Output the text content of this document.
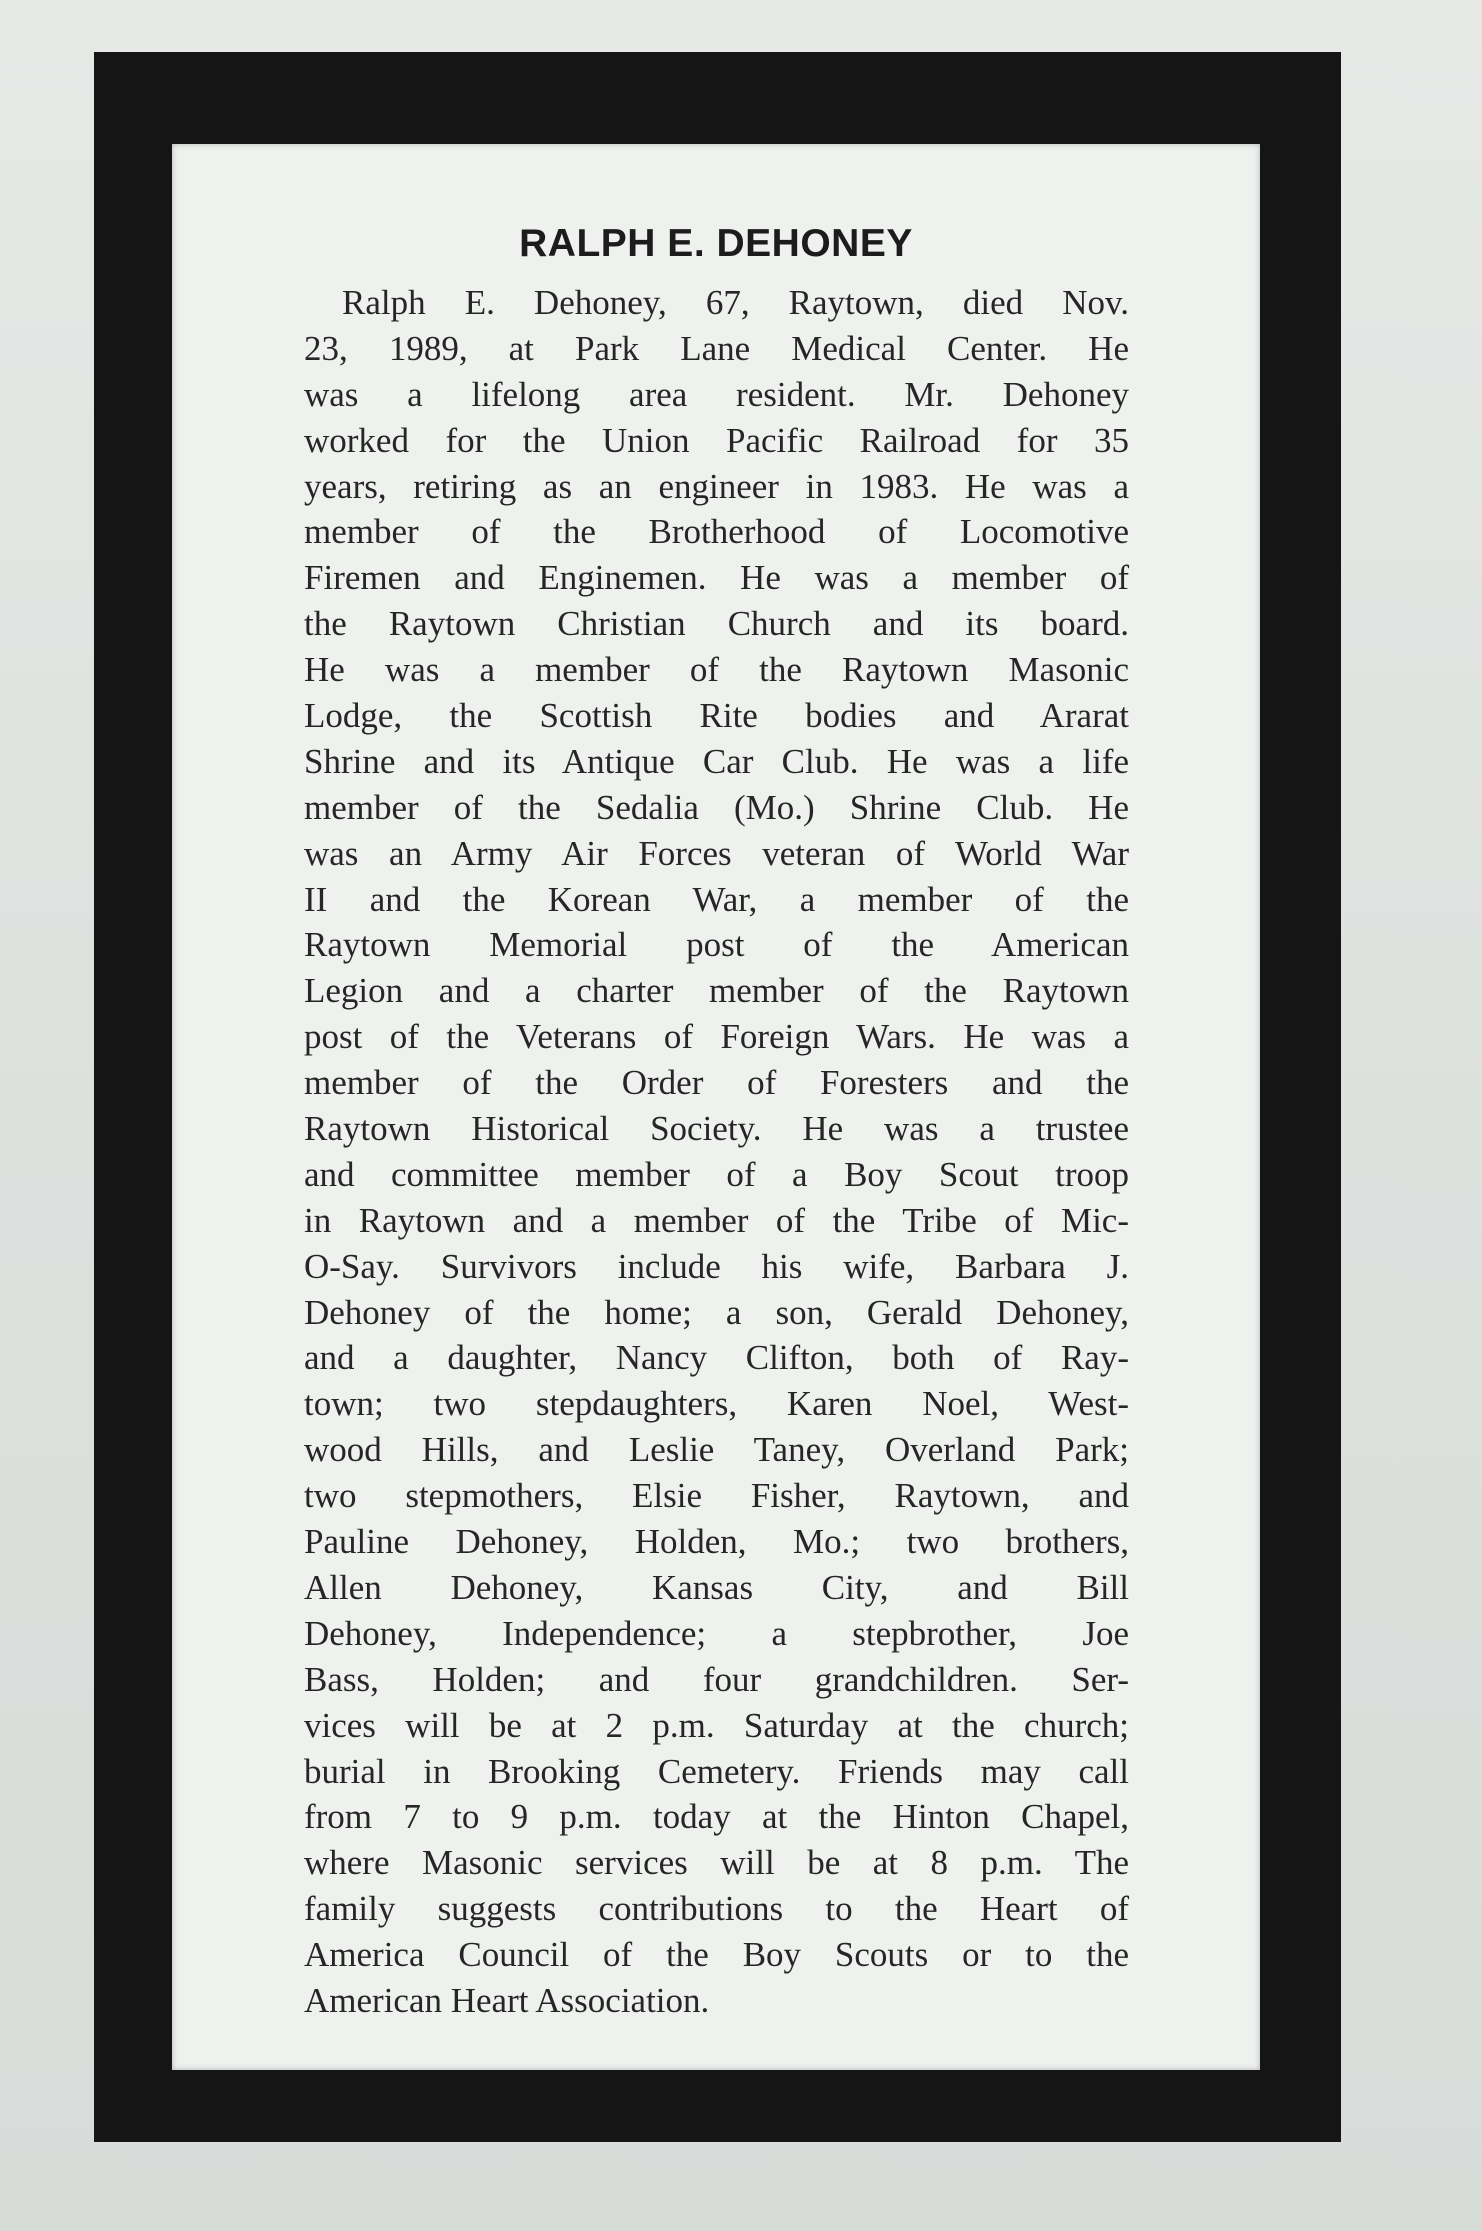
RALPH E. DEHONEY
Ralph E. Dehoney, 67, Raytown, died Nov.
23, 1989, at Park Lane Medical Center. He
was a lifelong area resident. Mr. Dehoney
worked for the Union Pacific Railroad for 35
years, retiring as an engineer in 1983. He was a
member of the Brotherhood of Locomotive
Firemen and Enginemen. He was a member of
the Raytown Christian Church and its board.
He was a member of the Raytown Masonic
Lodge, the Scottish Rite bodies and Ararat
Shrine and its Antique Car Club. He was a life
member of the Sedalia (Mo.) Shrine Club. He
was an Army Air Forces veteran of World War
II and the Korean War, a member of the
Raytown Memorial post of the American
Legion and a charter member of the Raytown
post of the Veterans of Foreign Wars. He was a
member of the Order of Foresters and the
Raytown Historical Society. He was a trustee
and committee member of a Boy Scout troop
in Raytown and a member of the Tribe of Mic-
O-Say. Survivors include his wife, Barbara J.
Dehoney of the home; a son, Gerald Dehoney,
and a daughter, Nancy Clifton, both of Ray-
town; two stepdaughters, Karen Noel, West-
wood Hills, and Leslie Taney, Overland Park;
two stepmothers, Elsie Fisher, Raytown, and
Pauline Dehoney, Holden, Mo.; two brothers,
Allen Dehoney, Kansas City, and Bill
Dehoney, Independence; a stepbrother, Joe
Bass, Holden; and four grandchildren. Ser-
vices will be at 2 p.m. Saturday at the church;
burial in Brooking Cemetery. Friends may call
from 7 to 9 p.m. today at the Hinton Chapel,
where Masonic services will be at 8 p.m. The
family suggests contributions to the Heart of
America Council of the Boy Scouts or to the
American Heart Association.
